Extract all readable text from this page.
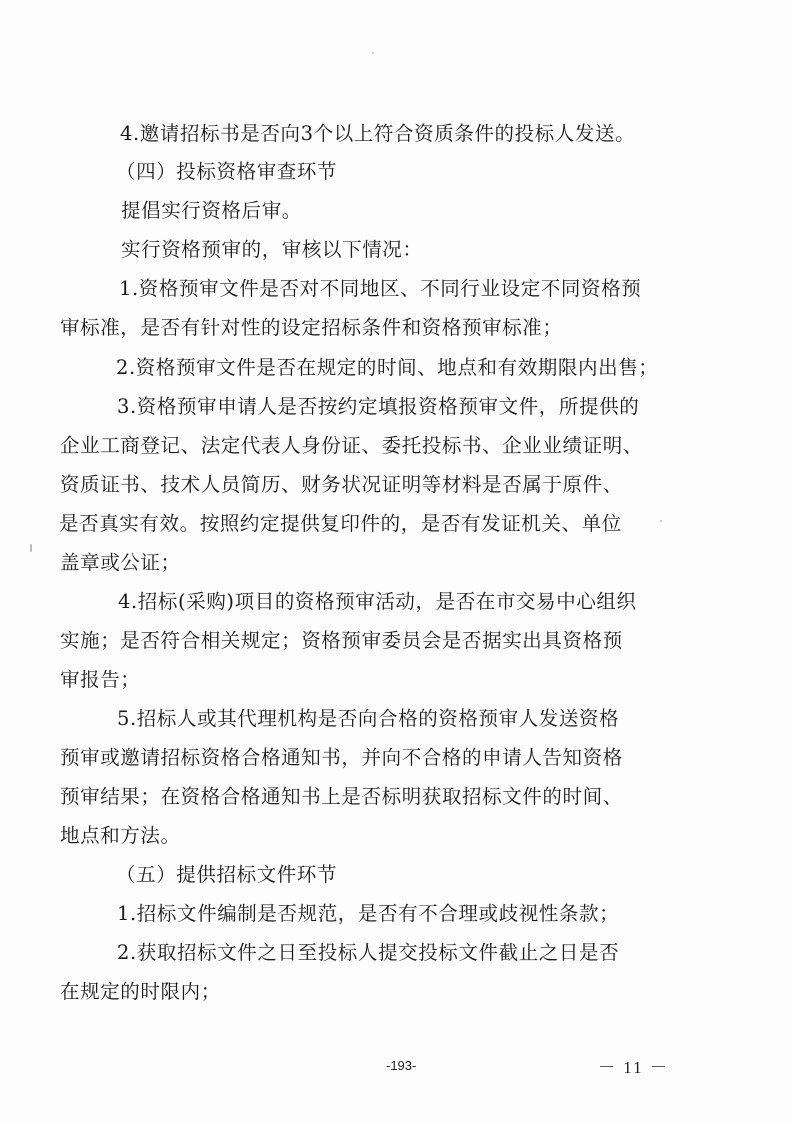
4.邀请招标书是否向3个以上符合资质条件的投标人发送。
（四）投标资格审查环节
提倡实行资格后审。
实行资格预审的，审核以下情况：
1.资格预审文件是否对不同地区、不同行业设定不同资格预
审标准，是否有针对性的设定招标条件和资格预审标准；
2.资格预审文件是否在规定的时间、地点和有效期限内出售；
3.资格预审申请人是否按约定填报资格预审文件，所提供的
企业工商登记、法定代表人身份证、委托投标书、企业业绩证明、
资质证书、技术人员简历、财务状况证明等材料是否属于原件、
是否真实有效。按照约定提供复印件的，是否有发证机关、单位
盖章或公证；
4.招标(采购)项目的资格预审活动，是否在市交易中心组织
实施；是否符合相关规定；资格预审委员会是否据实出具资格预
审报告；
5.招标人或其代理机构是否向合格的资格预审人发送资格
预审或邀请招标资格合格通知书，并向不合格的申请人告知资格
预审结果；在资格合格通知书上是否标明获取招标文件的时间、
地点和方法。
（五）提供招标文件环节
1.招标文件编制是否规范，是否有不合理或歧视性条款；
2.获取招标文件之日至投标人提交投标文件截止之日是否
在规定的时限内；
-193-	－ 11 －
